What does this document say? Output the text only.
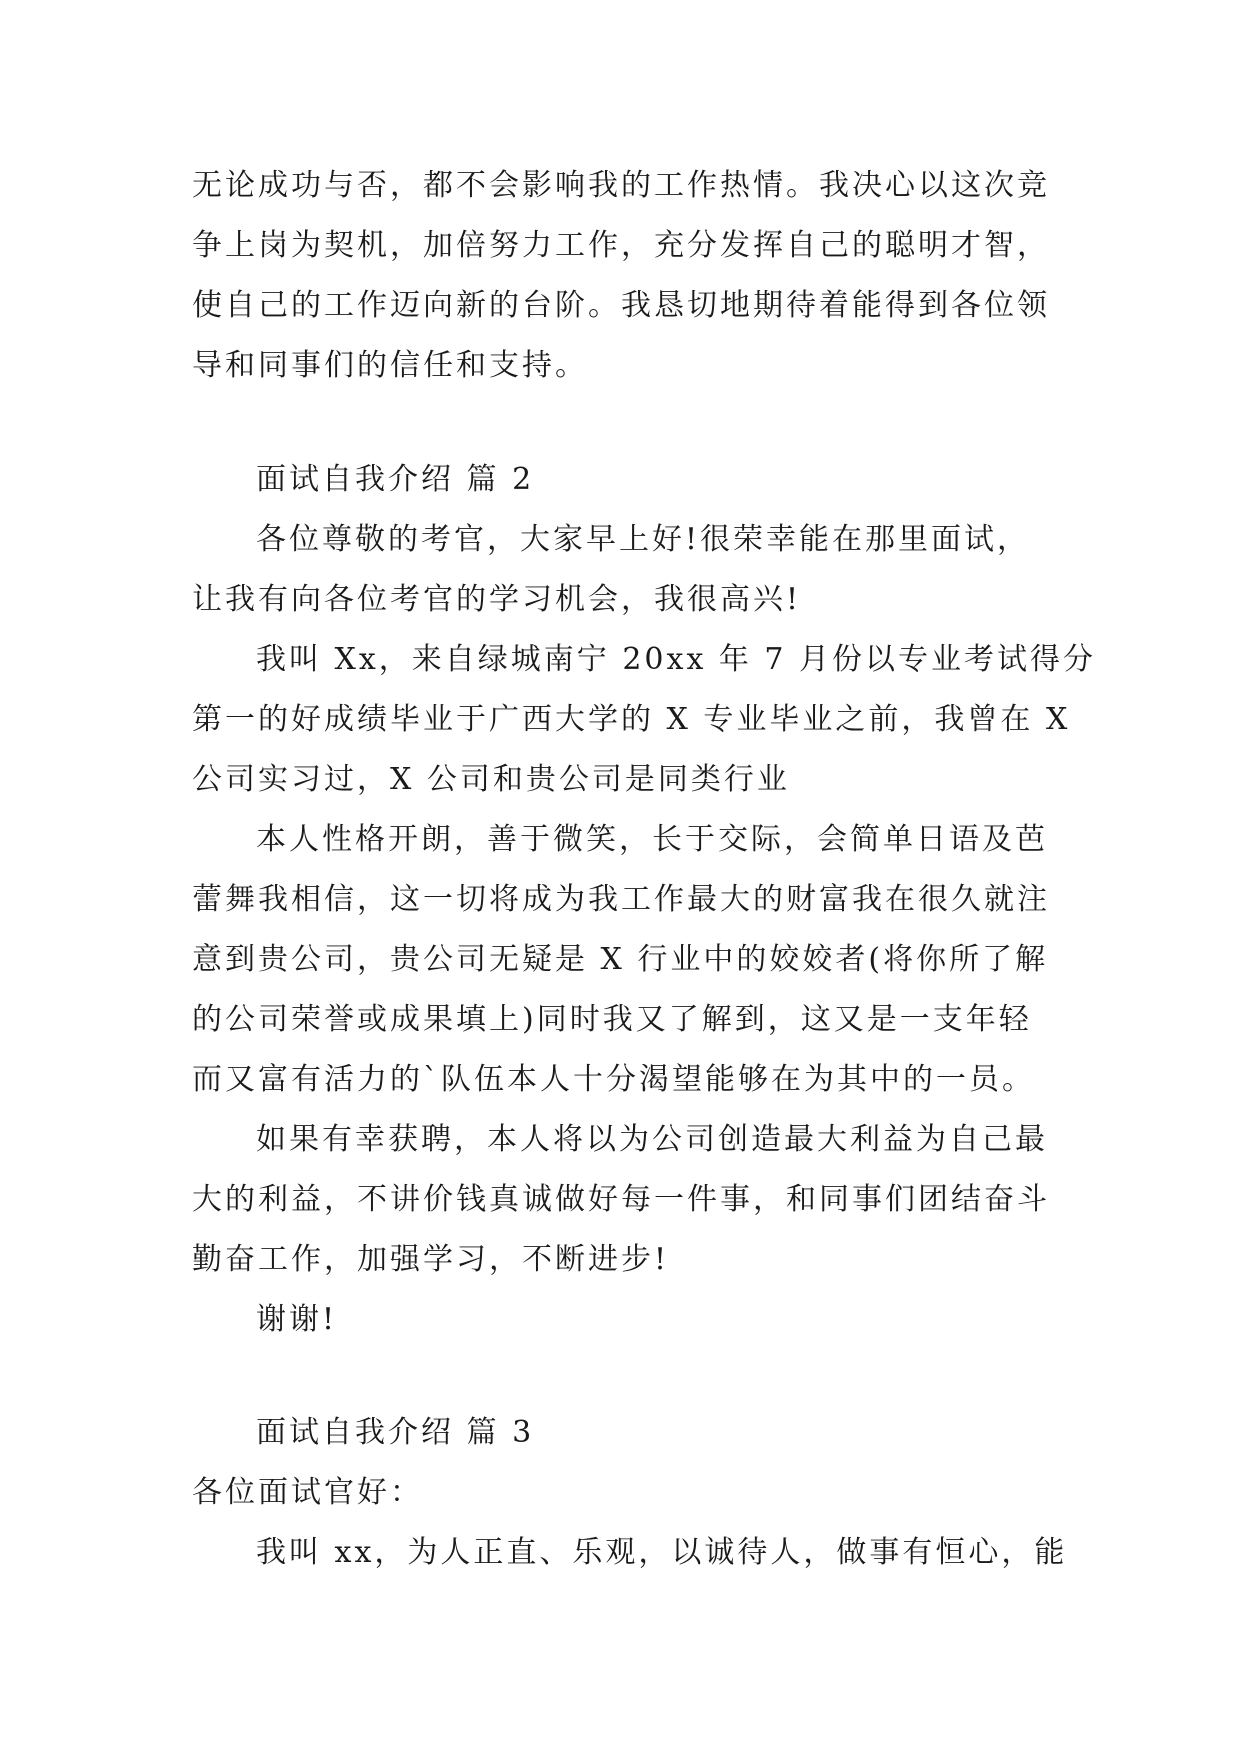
无论成功与否，都不会影响我的工作热情。我决心以这次竞
争上岗为契机，加倍努力工作，充分发挥自己的聪明才智，
使自己的工作迈向新的台阶。我恳切地期待着能得到各位领
导和同事们的信任和支持。
面试自我介绍 篇 2
各位尊敬的考官，大家早上好!很荣幸能在那里面试，
让我有向各位考官的学习机会，我很高兴!
我叫 Xx，来自绿城南宁 20xx 年 7 月份以专业考试得分
第一的好成绩毕业于广西大学的 X 专业毕业之前，我曾在 X
公司实习过，X 公司和贵公司是同类行业
本人性格开朗，善于微笑，长于交际，会简单日语及芭
蕾舞我相信，这一切将成为我工作最大的财富我在很久就注
意到贵公司，贵公司无疑是 X 行业中的姣姣者(将你所了解
的公司荣誉或成果填上)同时我又了解到，这又是一支年轻
而又富有活力的`队伍本人十分渴望能够在为其中的一员。
如果有幸获聘，本人将以为公司创造最大利益为自己最
大的利益，不讲价钱真诚做好每一件事，和同事们团结奋斗
勤奋工作，加强学习，不断进步!
谢谢!
面试自我介绍 篇 3
各位面试官好：
我叫 xx，为人正直、乐观，以诚待人，做事有恒心，能
